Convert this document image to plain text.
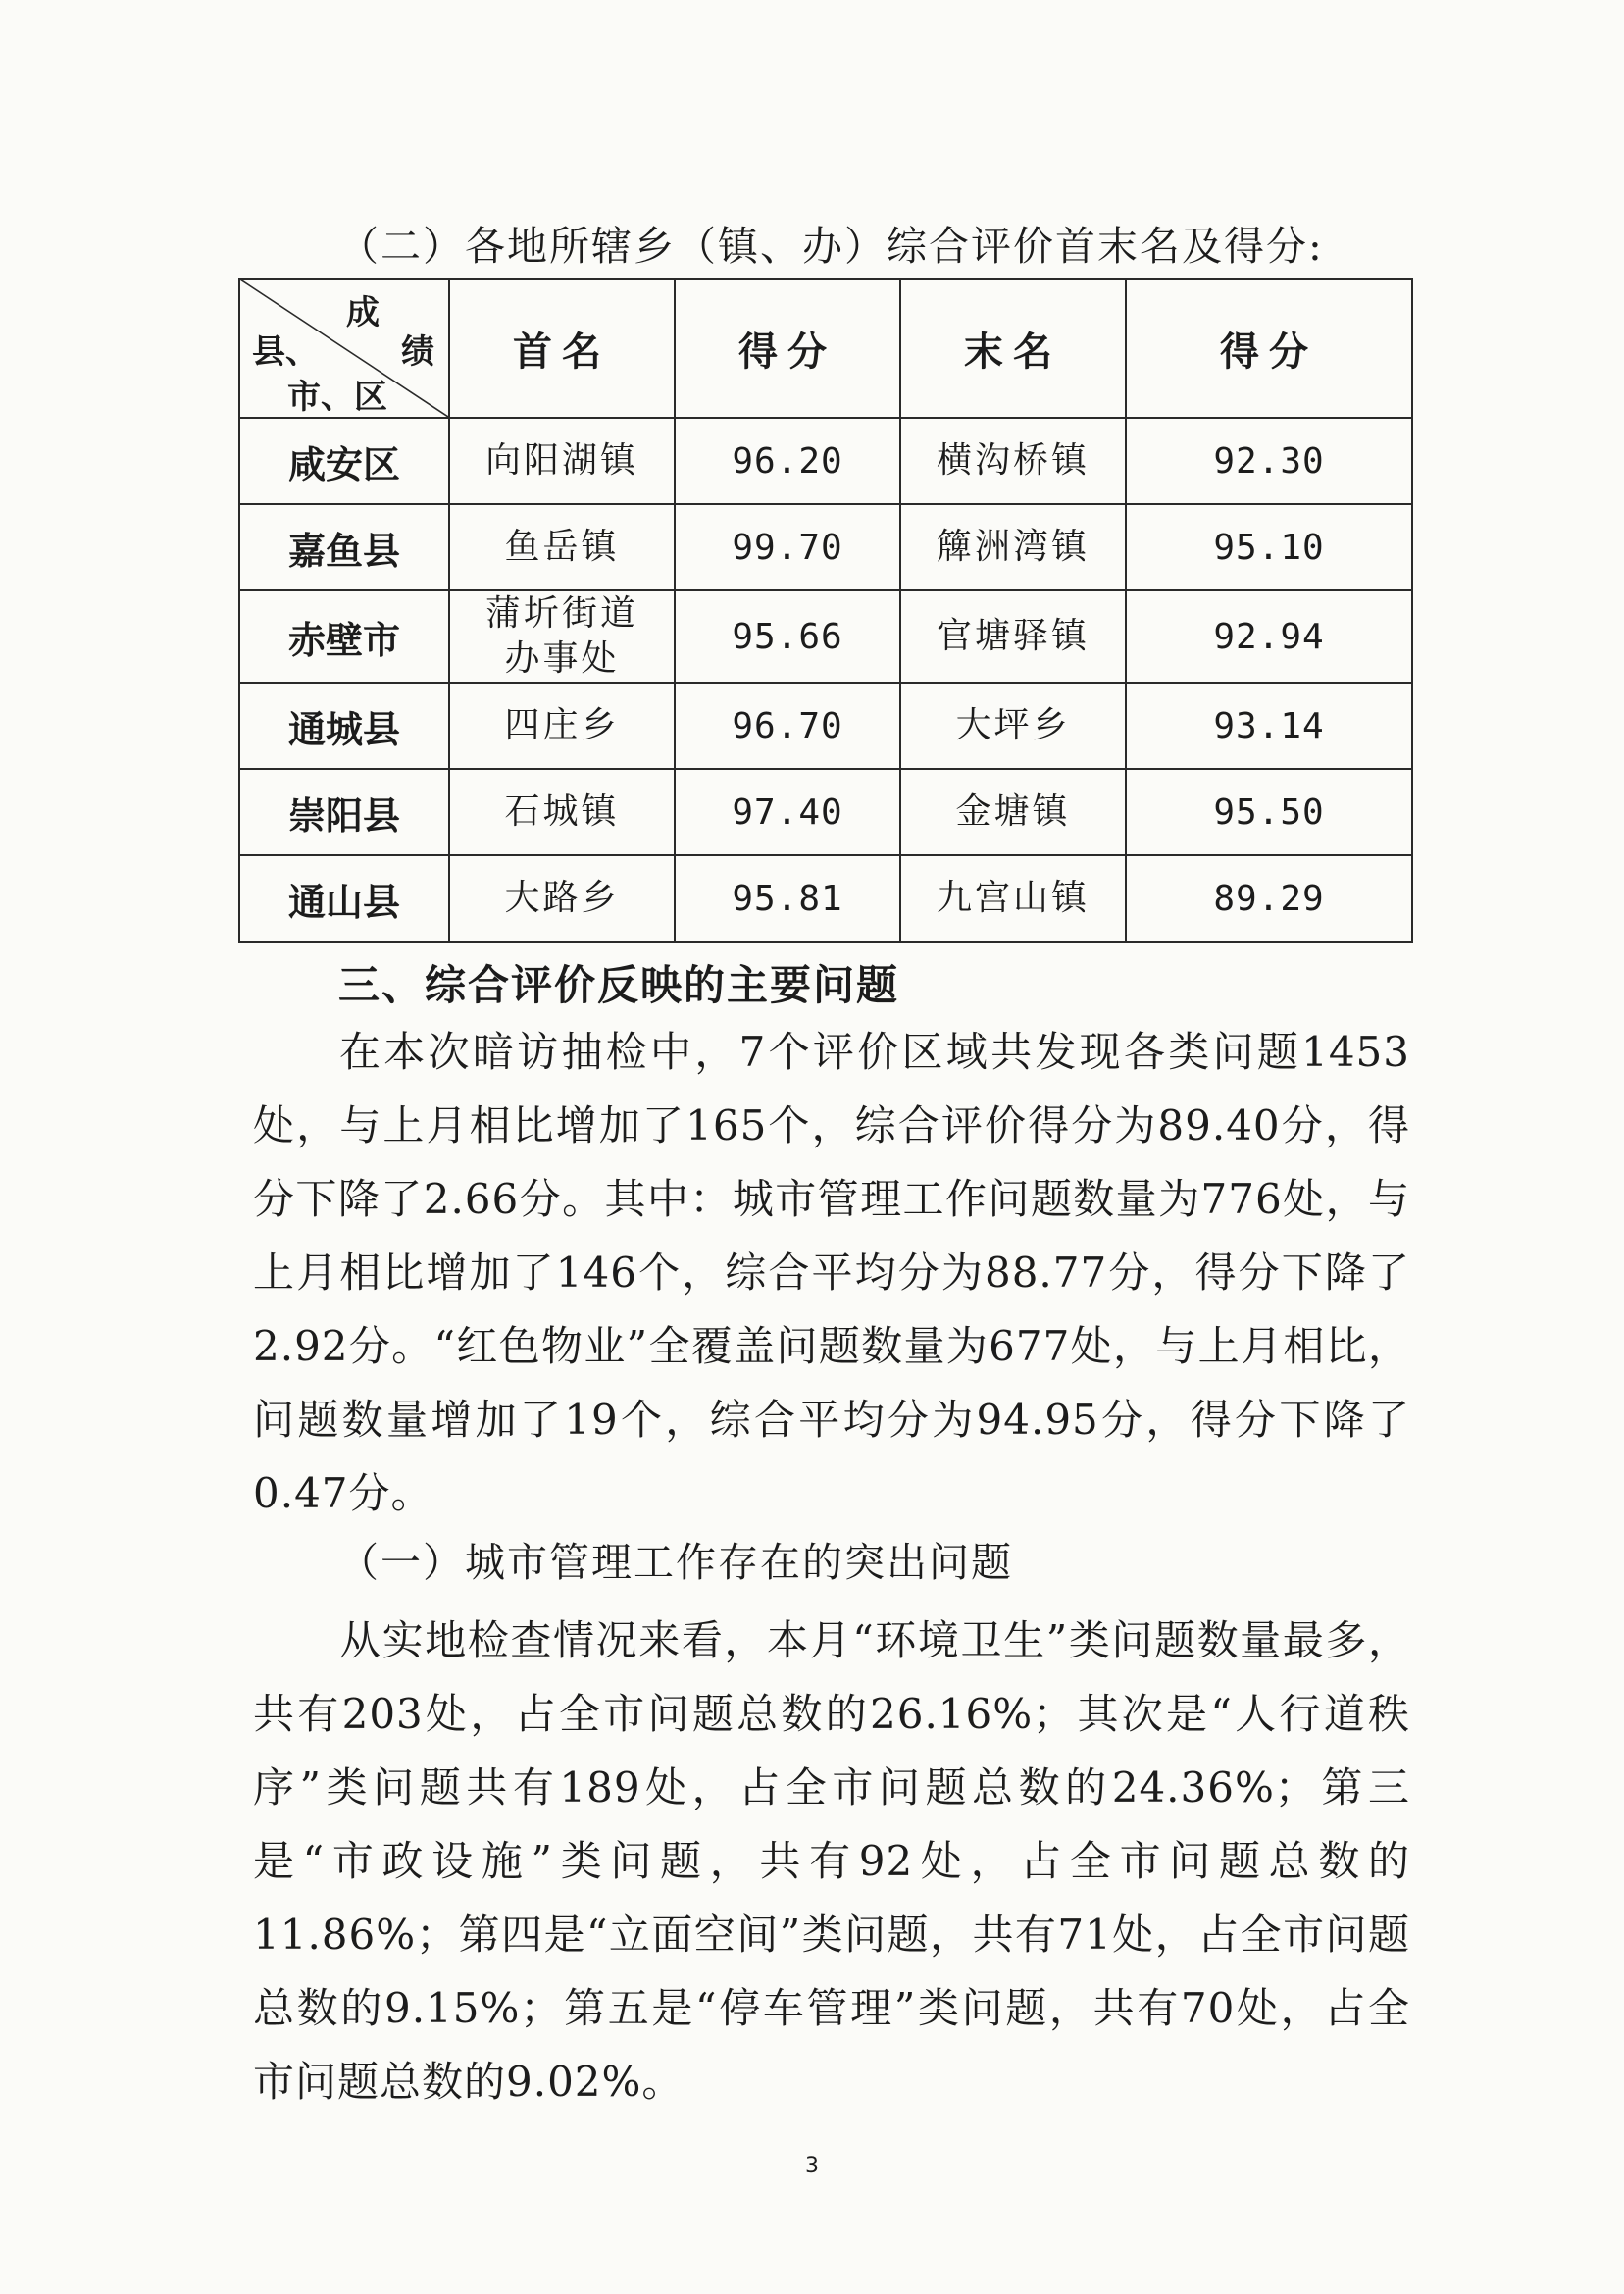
（二）各地所辖乡（镇、办）综合评价首末名及得分:
成
绩
县、
市、区	首名	得分	末名	得分
咸安区	向阳湖镇	96.20	横沟桥镇	92.30
嘉鱼县	鱼岳镇	99.70	簰洲湾镇	95.10
赤壁市	蒲圻街道办事处	95.66	官塘驿镇	92.94
通城县	四庄乡	96.70	大坪乡	93.14
崇阳县	石城镇	97.40	金塘镇	95.50
通山县	大路乡	95.81	九宫山镇	89.29
三、综合评价反映的主要问题

在本次暗访抽检中，7个评价区域共发现各类问题1453处，与上月相比增加了165个，综合评价得分为89.40分，得分下降了2.66分。其中：城市管理工作问题数量为776处，与上月相比增加了146个，综合平均分为88.77分，得分下降了2.92分。“红色物业”全覆盖问题数量为677处，与上月相比，问题数量增加了19个，综合平均分为94.95分，得分下降了0.47分。

（一）城市管理工作存在的突出问题

从实地检查情况来看，本月“环境卫生”类问题数量最多，共有203处，占全市问题总数的26.16%；其次是“人行道秩序”类问题共有189处，占全市问题总数的24.36%；第三是“市政设施”类问题，共有92处，占全市问题总数的11.86%；第四是“立面空间”类问题，共有71处，占全市问题总数的9.15%；第五是“停车管理”类问题，共有70处，占全市问题总数的9.02%。

3
